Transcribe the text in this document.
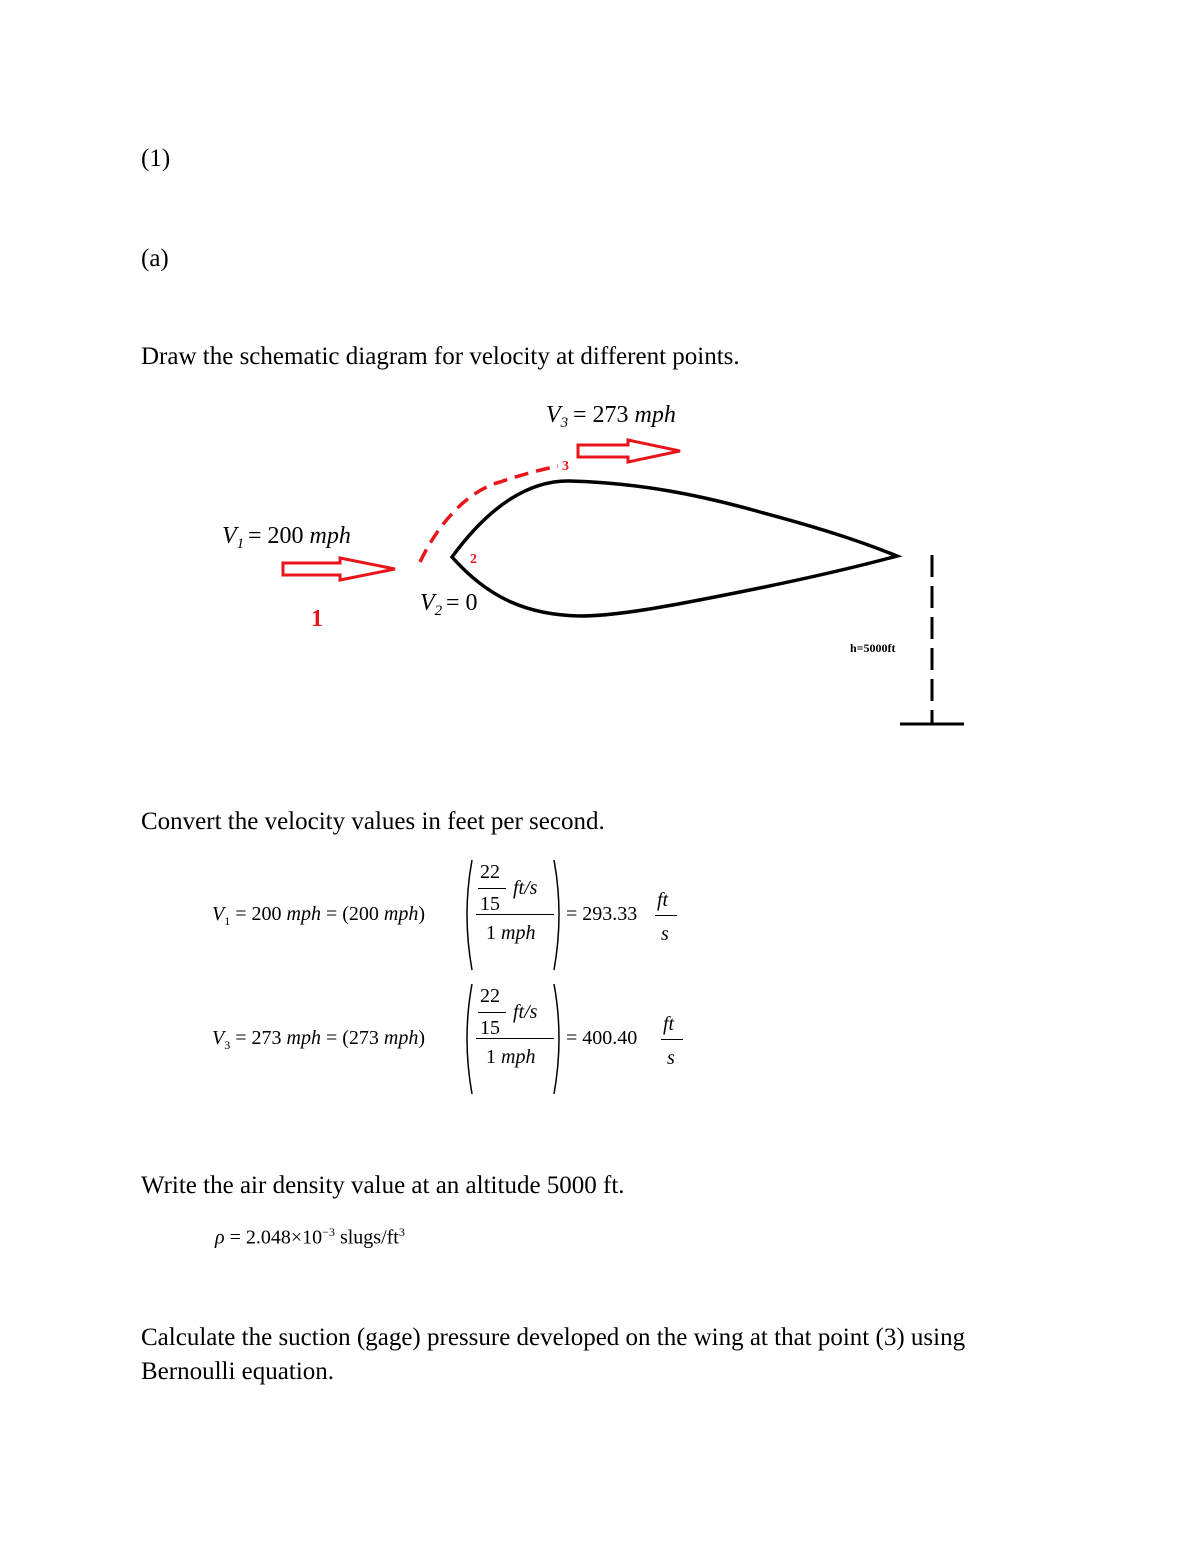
(1)
(a)
Draw the schematic diagram for velocity at different points.
$V_3 = 273$ mph
3
2
$V_1 = 200$ mph
1
$V_2 = 0$
h=5000ft
Convert the velocity values in feet per second.
$V_1 = 200$ mph = (200 mph)
22
15
ft/s
1 mph
= 293.33
ft
s
$V_3 = 273$ mph = (273 mph)
22
15
ft/s
1 mph
= 400.40
ft
s
Write the air density value at an altitude 5000 ft.
$\rho = 2.048\times 10^{-3}$ slugs/$ft^3$
Calculate the suction (gage) pressure developed on the wing at that point (3) using
Bernoulli equation.
